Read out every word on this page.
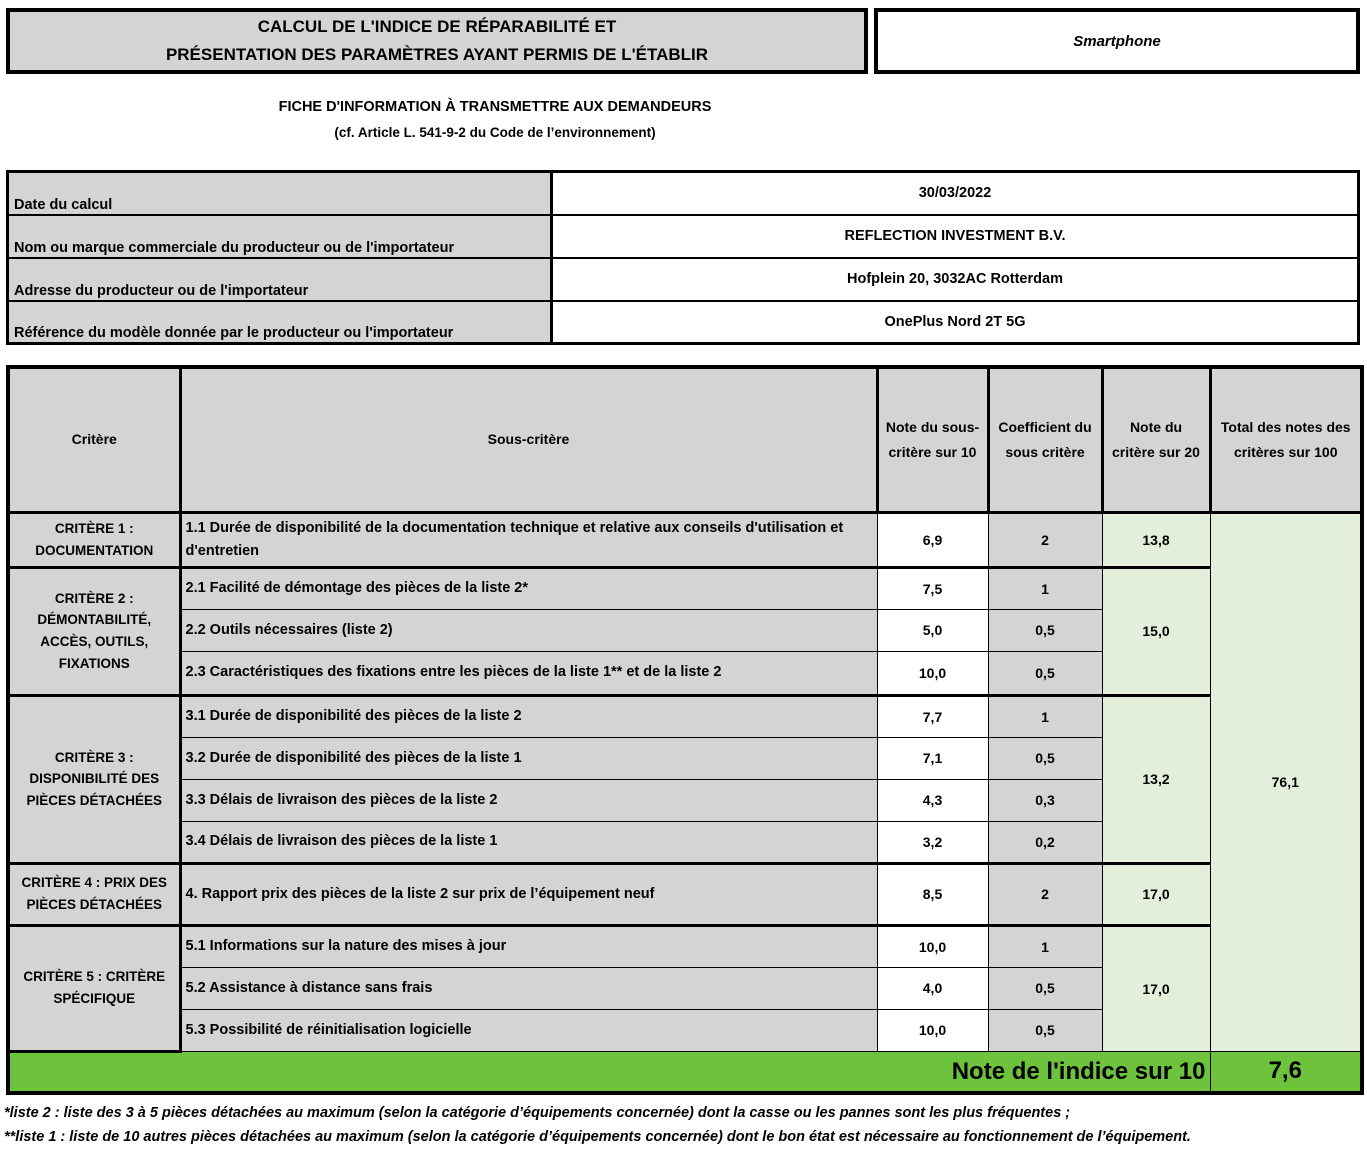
CALCUL DE L'INDICE DE RÉPARABILITÉ ET
PRÉSENTATION DES PARAMÈTRES AYANT PERMIS DE L'ÉTABLIR
Smartphone
FICHE D'INFORMATION À TRANSMETTRE AUX DEMANDEURS
(cf. Article L. 541-9-2 du Code de l’environnement)
Date du calcul	30/03/2022
Nom ou marque commerciale du producteur ou de l'importateur	REFLECTION INVESTMENT B.V.
Adresse du producteur ou de l'importateur	Hofplein 20, 3032AC Rotterdam
Référence du modèle donnée par le producteur ou l'importateur	OnePlus Nord 2T 5G
Critère	Sous-critère	Note du sous-critère sur 10	Coefficient du sous critère	Note du critère sur 20	Total des notes des critères sur 100
CRITÈRE 1 : DOCUMENTATION	1.1 Durée de disponibilité de la documentation technique et relative aux conseils d'utilisation et d'entretien	6,9	2	13,8	76,1
CRITÈRE 2 : DÉMONTABILITÉ, ACCÈS, OUTILS, FIXATIONS	2.1 Facilité de démontage des pièces de la liste 2*	7,5	1	15,0	
	2.2 Outils nécessaires (liste 2)	5,0	0,5		
	2.3 Caractéristiques des fixations entre les pièces de la liste 1** et de la liste 2	10,0	0,5		
CRITÈRE 3 : DISPONIBILITÉ DES PIÈCES DÉTACHÉES	3.1 Durée de disponibilité des pièces de la liste 2	7,7	1	13,2	
	3.2 Durée de disponibilité des pièces de la liste 1	7,1	0,5		
	3.3 Délais de livraison des pièces de la liste 2	4,3	0,3		
	3.4 Délais de livraison des pièces de la liste 1	3,2	0,2		
CRITÈRE 4 : PRIX DES PIÈCES DÉTACHÉES	4. Rapport prix des pièces de la liste 2 sur prix de l’équipement neuf	8,5	2	17,0	
CRITÈRE 5 : CRITÈRE SPÉCIFIQUE	5.1 Informations sur la nature des mises à jour	10,0	1	17,0	
	5.2 Assistance à distance sans frais	4,0	0,5		
	5.3 Possibilité de réinitialisation logicielle	10,0	0,5		
Note de l'indice sur 10					7,6
*liste 2 : liste des 3 à 5 pièces détachées au maximum (selon la catégorie d’équipements concernée) dont la casse ou les pannes sont les plus fréquentes ;
**liste 1 : liste de 10 autres pièces détachées au maximum (selon la catégorie d’équipements concernée) dont le bon état est nécessaire au fonctionnement de l’équipement.
